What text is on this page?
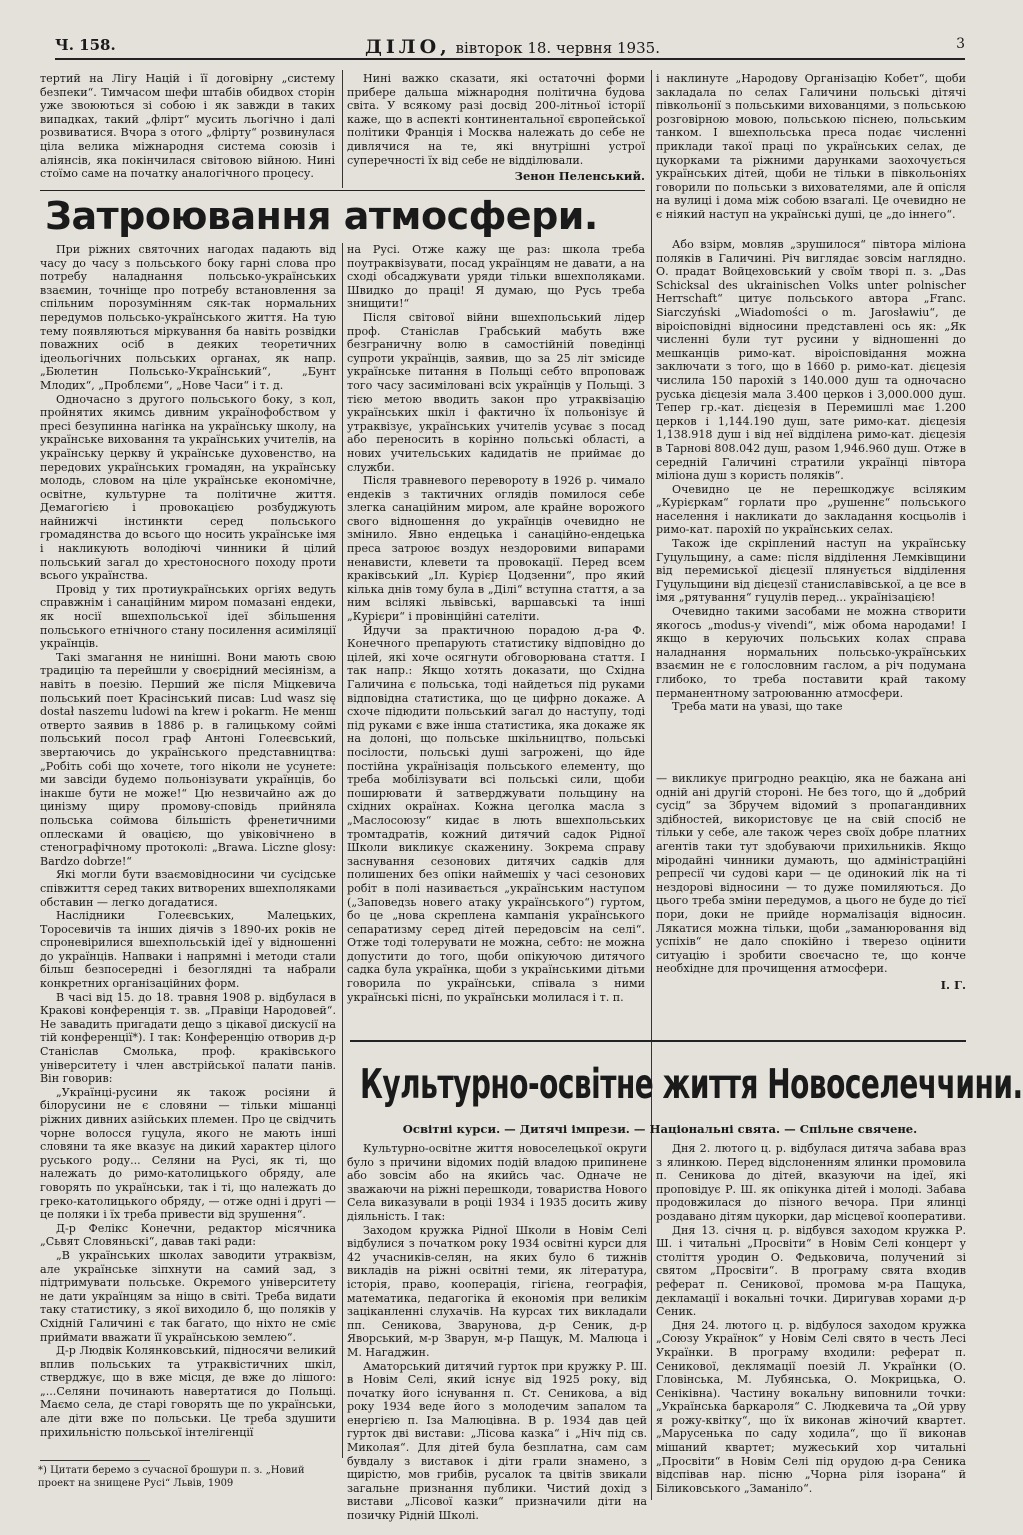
Ч. 158.	ДІЛО, вівторок 18. червня 1935.	3

тертий на Лігу Націй і її договірну „систему безпеки“. Тимчасом шефи штабів обидвох сторін уже звоюються зі собою і як завжди в таких випадках, такий „флірт“ мусить льогічно і далі розвиватися. Вчора з отого „флірту“ розвинулася ціла велика міжнародня система союзів і аліянсів, яка покінчилася світовою війною. Нині стоїмо саме на початку аналогічного процесу.

Нині важко сказати, які остаточні форми прибере дальша міжнародня політична будова світа. У всякому разі досвід 200-літньої історії каже, що в аспекті континентальної європейської політики Франція і Москва належать до себе не дивлячися на те, які внутрішні устрої суперечності їх від себе не відділювали.

Зенон Пеленський.

і наклинуте „Народову Організацію Кобет“, щоби закладала по селах Галичини польські дітячі півкольонії з польськими вихованцями, з польською розговірною мовою, польською піснею, польським танком. І вшехпольська преса подає численні приклади такої праці по українських селах, де цукорками та ріжними дарунками заохочується українських дітей, щоби не тільки в півкольоніях говорили по польськи з вихователями, але й опісля на вулиці і дома між собою взагалі. Це очевидно не є ніякий наступ на українські душі, це „до іннего“.

Затроювання атмосфери.

При ріжних святочних нагодах падають від часу до часу з польського боку гарні слова про потребу наладнання польсько-українських взаємин, точніще про потребу встановлення за спільним порозумінням сяк-так нормальних передумов польсько-українського життя. На тую тему появляються міркування ба навіть розвідки поважних осіб в деяких теоретичних ідеольогічних польських органах, як напр. „Бюлетин Польсько-Український“, „Бунт Млодих“, „Проблєми“, „Нове Часи“ і т. д.

Одночасно з другого польського боку, з кол, пройнятих якимсь дивним українофобством у пресі безупинна нагінка на українську школу, на українське виховання та українських учителів, на українську церкву й українське духовенство, на передових українських громадян, на українську молодь, словом на ціле українське економічне, освітне, культурне та політичне життя. Демагогією і провокацією розбуджують найнижчі інстинкти серед польського громадянства до всього що носить українське імя і накликують володіючі чинники й цілий польський загал до хрестоносного походу проти всього українства.

Провід у тих протиукраїнських оргіях ведуть справжнім і санаційним миром помазані ендеки, як носії вшехпольської ідеї збільшення польського етнічного стану посилення асиміляції українців.

Такі змагання не нинішні. Вони мають свою традицію та перейшли у своєрідний месіянізм, а навіть в поезію. Перший же після Міцкевича польський поет Красінський писав: Lud wasz się dostał naszemu ludowi na krew i pokarm. Не менш отверто заявив в 1886 р. в галицькому соймі польський посол граф Антоні Голеєвський, звертаючись до українського представництва: „Робіть собі що хочете, того ніколи не усунете: ми завсіди будемо польонізувати українців, бо інакше бути не може!“ Цю незвичайно аж до цинізму щиру промову-сповідь прийняла польська соймова більшість френетичними оплесками й овацією, що увіковічнено в стенографічному протоколі: „Brawa. Liczne glosy: Bardzo dobrze!“

Які могли бути взаємовідносини чи сусідське співжиття серед таких витворених вшехполяками обставин — легко догадатися.

Наслідники Голеєвських, Малецьких, Торосевичів та інших діячів з 1890-их років не спроневірилися вшехпольській ідеї у відношенні до українців. Напваки і напрямні і методи стали більш безпосередні і безоглядні та набрали конкретних організаційних форм.

В часі від 15. до 18. травня 1908 р. відбулася в Кракові конференція т. зв. „Правіци Народовей“. Не завадить пригадати дещо з цікавої дискусії на тій конференції*). І так: Конференцію отворив д-р Станіслав Смолька, проф. краківського університету і член австрійської палати панів. Він говорив:

„Українці-русини як також росіяни й білорусини не є словяни — тільки мішанці ріжних дивних азійських племен. Про це свідчить чорне волосся гуцула, якого не мають інші словяни та яке вказує на дикий характер цілого руського роду... Селяни на Русі, як ті, що належать до римо-католицького обряду, але говорять по українськи, так і ті, що належать до греко-католицького обряду, — отже одні і другі — це поляки і їх треба привести від зрушення“.

Д-р Фелікс Конечни, редактор місячника „Сьвят Словяньскі“, давав такі ради:

„В українських школах заводити утраквізм, але українське зіпхнути на самий зад, з підтримувати польське. Окремого університету не дати українцям за ніщо в світі. Треба видати таку статистику, з якої виходило б, що поляків у Східній Галичині є так багато, що ніхто не сміє приймати вважати її українською землею“.

Д-р Людвік Колянковський, підносячи великий вплив польських та утраквістичних шкіл, стверджує, що в вже місця, де вже до лішого: „...Селяни починають навертатися до Польщі. Маємо села, де старі говорять ще по українськи, але діти вже по польськи. Це треба здушити прихильністю польської інтелігенції

на Русі. Отже кажу ще раз: школа треба поутраквізувати, посад українцям не давати, а на сході обсаджувати уряди тільки вшехполяками. Швидко до праці! Я думаю, що Русь треба знищити!“

Після світової війни вшехпольський лідер проф. Станіслав Грабський мабуть вже безграничну волю в самостійній поведінці супроти українців, заявив, що за 25 літ змісиде українське питання в Польщі себто впроповаж того часу засиміловані всіх українців у Польщі. З тією метою вводить закон про утраквізацію українських шкіл і фактично їх польонізує й утраквізує, українських учителів усуває з посад або переносить в корінно польські області, а нових учительських кадидатів не приймає до служби.

Після травневого перевороту в 1926 р. чимало ендеків з тактичних оглядів помилося себе злегка санаційним миром, але крайне ворожого свого відношення до українців очевидно не змінило. Явно ендецька і санаційно-ендецька преса затроює воздух нездоровими випарами ненависти, клевети та провокації. Перед всем краківський „Іл. Курієр Цодзенни“, про який кілька днів тому була в „Ділі“ вступна стаття, а за ним всілякі львівські, варшавські та інші „Курієри“ і провінційні сателіти.

Йдучи за практичною порадою д-ра Ф. Конечного препарують статистику відповідно до цілей, які хоче осягнути обговорювана стаття. І так напр.: Якщо хотять доказати, що Східна Галичина є польська, тоді найдеться під руками відповідна статистика, що це цифрно докаже. А схоче підюдити польський загал до наступу, тоді під руками є вже інша статистика, яка докаже як на долоні, що польське шкільництво, польські посілости, польські душі загрожені, що йде постійна українізація польського елементу, що треба мобілізувати всі польські сили, щоби поширювати й затверджувати польщину на східних окраїнах. Кожна цеголка масла з „Маслосоюзу“ кидає в лють вшехпольських тромтадратів, кожний дитячий садок Рідної Школи викликує скаженину. Зокрема справу заснування сезонових дитячих садків для полишених без опіки наймешіх у часі сезонових робіт в полі називається „українським наступом („Заповедзь новего атаку українського“) гуртом, бо це „нова скреплена кампанія українського сепаратизму серед дітей передовсім на селі“. Отже тоді толерувати не можна, себто: не можна допустити до того, щоби опікуючою дитячого садка була українка, щоби з українськими дітьми говорила по українськи, співала з ними українські пісні, по українськи молилася і т. п.

Або взірм, мовляв „зрушилося“ півтора міліона поляків в Галичині. Річ виглядає зовсім наглядно. О. прадат Войцеховський у своїм творі п. з. „Das Schicksal des ukrainischen Volks unter polnischer Herrschaft“ цитує польського автора „Franc. Siarczyński „Wiadomości o m. Jarosławiu“, де віроісповідні відносини представлені ось як: „Як численні були тут русини у відношенні до мешканців римо-кат. віроісповідання можна заключати з того, що в 1660 р. римо-кат. дієцезія числила 150 парохій з 140.000 душ та одночасно руська дієцезія мала 3.400 церков і 3,000.000 душ. Тепер гр.-кат. дієцезія в Перемишлі має 1.200 церков і 1,144.190 душ, зате римо-кат. дієцезія 1,138.918 душ і від неї відділена римо-кат. дієцезія в Тарнові 808.042 душ, разом 1,946.960 душ. Отже в середній Галичині стратили українці півтора міліона душ з користь поляків“.

Очевидно це не перешкоджує всіляким „Курієркам“ горлати про „рушеннє“ польського населення і накликати до закладання косцьолів і римо-кат. парохій по українських селах.

Також іде скріплений наступ на українську Гуцульщину, а саме: після відділення Лемківщини від перемиської дієцезії плянується відділення Гуцульщини від дієцезії станиславівської, а це все в імя „рятування“ гуцулів перед... українізацією!

Очевидно такими засобами не можна створити якогось „modus-y vivendi“, між обома народами! І якщо в керуючих польських колах справа наладнання нормальних польсько-українських взаємин не є голословним гаслом, а річ подумана глибоко, то треба поставити край такому перманентному затроюванню атмосфери.

Треба мати на увазі, що таке

— викликує пригродно реакцію, яка не бажана ані одній ані другій стороні. Не без того, що й „добрий сусід“ за Збручем відомий з пропагандивних здібностей, використовує це на свій спосіб не тільки у себе, але також через своїх добре платних агентів таки тут здобуваючи прихильників. Якщо міродайні чинники думають, що адміністраційні репресії чи судові кари — це одинокий лік на ті нездорові відносини — то дуже помиляються. До цього треба зміни передумов, а цього не буде до тієї пори, доки не прийде нормалізація відносин. Лякатися можна тільки, щоби „заманюровання від успіхів“ не дало спокійно і тверезо оцінити ситуацію і зробити своєчасно те, що конче необхідне для прочищення атмосфери.

І. Г.
Культурно-освітне життя Новоселеччини.
Освітні курси. — Дитячі імпрези. — Національні свята. — Спільне свячене.

Культурно-освітне життя новоселецької округи було з причини відомих подій владою припинене або зовсім або на якийсь час. Одначе не зважаючи на ріжні перешкоди, товариства Нового Села виказували в роціі 1934 і 1935 досить живу діяльність. І так:

Заходом кружка Рідної Школи в Новім Селі відбулися з початком року 1934 освітні курси для 42 учасників-селян, на яких було 6 тижнів викладів на ріжні освітні теми, як література, історія, право, кооперація, гігієна, географія, математика, педагогіка й економія при великім заціканленні слухачів. На курсах тих викладали пп. Сеникова, Зварунова, д-р Сеник, д-р Яворський, м-р Зварун, м-р Пащук, М. Малюца і М. Нагаджин.

Аматорський дитячий гурток при кружку Р. Ш. в Новім Селі, який існує від 1925 року, від початку його існування п. Ст. Сеникова, а від року 1934 веде його з молодечим запалом та енергією п. Іза Малюцівна. В р. 1934 дав цей гурток дві вистави: „Лісова казка“ і „Ніч під св. Миколая“. Для дітей була безплатна, сам сам бувдалу з виставок і діти грали знамено, з щирістю, мов грибів, русалок та цвітів звикали загальне признання публики. Чистий дохід з вистави „Лісової казки“ призначили діти на позичку Рідній Школі.

Дня 2. лютого ц. р. відбулася дитяча забава враз з ялинкою. Перед відслоненням ялинки промовила п. Сеникова до дітей, вказуючи на ідеї, які проповідує Р. Ш. як опікунка дітей і молоді. Забава продовжилася до пізного вечора. При ялинці роздавано дітям цукорки, дар місцевої кооперативи.

Дня 13. січня ц. р. відбувся заходом кружка Р. Ш. і читальні „Просвіти“ в Новім Селі концерт у століття уродин О. Федьковича, получений зі святом „Просвіти“. В програму свята входив реферат п. Сеникової, промова м-ра Пащука, декламації і вокальні точки. Диригував хорами д-р Сеник.

Дня 24. лютого ц. р. відбулося заходом кружка „Союзу Українок“ у Новім Селі свято в честь Лесі Українки. В програму входили: реферат п. Сеникової, деклямації поезій Л. Українки (О. Гловінська, М. Лубянська, О. Мокрицька, О. Сеніківна). Частину вокальну виповнили точки: „Українська баркароля“ С. Людкевича та „Ой урву я рожу-квітку“, що їх виконав жіночий квартет. „Марусенька по саду ходила“, що її виконав мішаний квартет; мужеський хор читальні „Просвіти“ в Новім Селі під орудою д-ра Сеника відспівав нар. пісню „Чорна ріля ізорана“ й Біликовського „Заманіло“.

*) Цитати беремо з сучасної брошури п. з. „Новий проект на знищене Русі“ Львів, 1909
